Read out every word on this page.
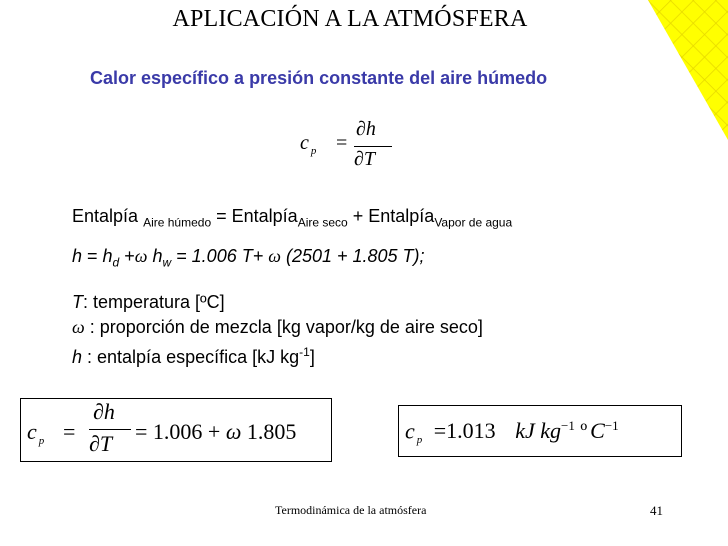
APLICACIÓN A LA ATMÓSFERA
Calor específico a presión constante del aire húmedo
c $_p$ =
∂h
∂T
Entalpía $_{Aire húmedo}$ = Entalpía$_{Aire seco}$ + Entalpía$_{Vapor de agua}$
$h = h_d +\omega$ $h_w = 1.006$ T+ ω (2501 + 1.805 T);
T: temperatura [ºC]
ω : proporción de mezcla [kg vapor/kg de aire seco]
h : entalpía específica [kJ $kg^{-1}$]
c $_p$ =
∂h
∂T = 1.006 + ω 1.805	c $_p$ =1.013 kJ $kg^{-1}$ º $C^{-1}$
Termodinámica de la atmósfera	41
